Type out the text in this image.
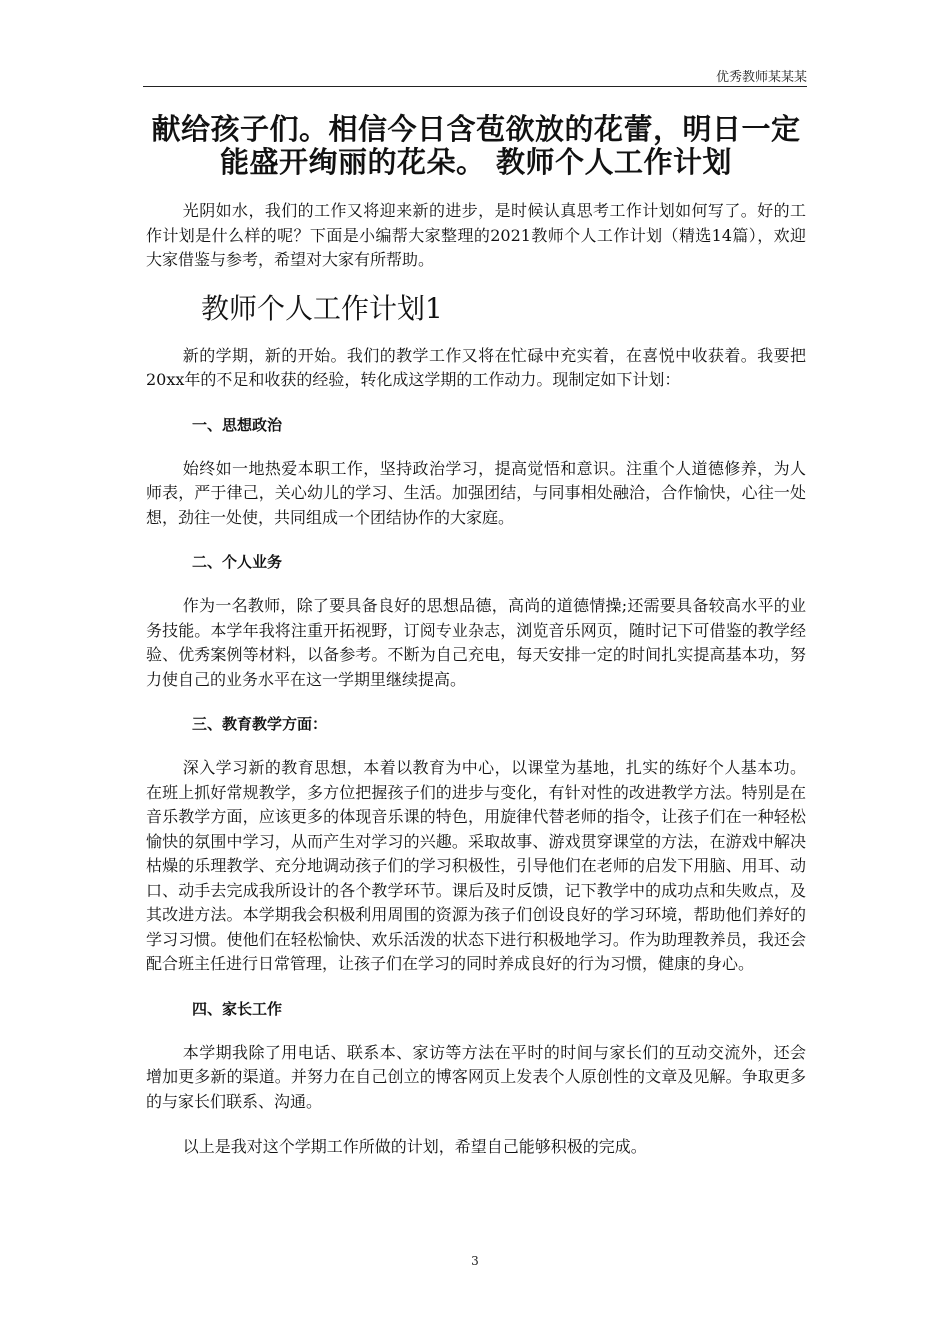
优秀教师某某某
献给孩子们。相信今日含苞欲放的花蕾，明日一定能盛开绚丽的花朵。 教师个人工作计划

光阴如水，我们的工作又将迎来新的进步，是时候认真思考工作计划如何写了。好的工作计划是什么样的呢？下面是小编帮大家整理的2021教师个人工作计划（精选14篇），欢迎大家借鉴与参考，希望对大家有所帮助。

教师个人工作计划1

新的学期，新的开始。我们的教学工作又将在忙碌中充实着，在喜悦中收获着。我要把20xx年的不足和收获的经验，转化成这学期的工作动力。现制定如下计划：

一、思想政治

始终如一地热爱本职工作，坚持政治学习，提高觉悟和意识。注重个人道德修养，为人师表，严于律己，关心幼儿的学习、生活。加强团结，与同事相处融洽，合作愉快，心往一处想，劲往一处使，共同组成一个团结协作的大家庭。

二、个人业务

作为一名教师，除了要具备良好的思想品德，高尚的道德情操;还需要具备较高水平的业务技能。本学年我将注重开拓视野，订阅专业杂志，浏览音乐网页，随时记下可借鉴的教学经验、优秀案例等材料，以备参考。不断为自己充电，每天安排一定的时间扎实提高基本功，努力使自己的业务水平在这一学期里继续提高。

三、教育教学方面：

深入学习新的教育思想，本着以教育为中心，以课堂为基地，扎实的练好个人基本功。在班上抓好常规教学，多方位把握孩子们的进步与变化，有针对性的改进教学方法。特别是在音乐教学方面，应该更多的体现音乐课的特色，用旋律代替老师的指令，让孩子们在一种轻松愉快的氛围中学习，从而产生对学习的兴趣。采取故事、游戏贯穿课堂的方法，在游戏中解决枯燥的乐理教学、充分地调动孩子们的学习积极性，引导他们在老师的启发下用脑、用耳、动口、动手去完成我所设计的各个教学环节。课后及时反馈，记下教学中的成功点和失败点，及其改进方法。本学期我会积极利用周围的资源为孩子们创设良好的学习环境，帮助他们养好的学习习惯。使他们在轻松愉快、欢乐活泼的状态下进行积极地学习。作为助理教养员，我还会配合班主任进行日常管理，让孩子们在学习的同时养成良好的行为习惯，健康的身心。

四、家长工作

本学期我除了用电话、联系本、家访等方法在平时的时间与家长们的互动交流外，还会增加更多新的渠道。并努力在自己创立的博客网页上发表个人原创性的文章及见解。争取更多的与家长们联系、沟通。

以上是我对这个学期工作所做的计划，希望自己能够积极的完成。

3
